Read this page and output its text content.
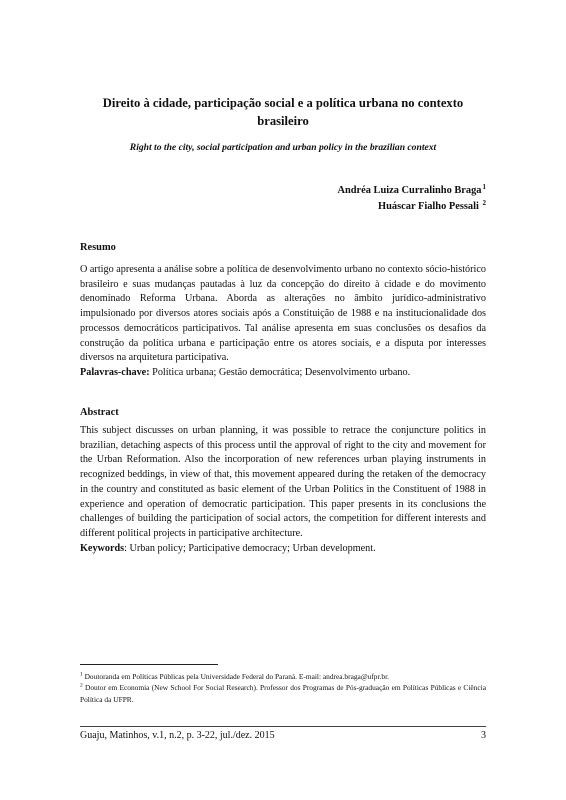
Direito à cidade, participação social e a política urbana no contexto brasileiro
Right to the city, social participation and urban policy in the brazilian context
Andréa Luiza Curralinho Braga$^1$
Huáscar Fialho Pessali $^2$
Resumo
O artigo apresenta a análise sobre a política de desenvolvimento urbano no contexto sócio-histórico brasileiro e suas mudanças pautadas à luz da concepção do direito à cidade e do movimento denominado Reforma Urbana. Aborda as alterações no âmbito jurídico-administrativo impulsionado por diversos atores sociais após a Constituição de 1988 e na institucionalidade dos processos democráticos participativos. Tal análise apresenta em suas conclusões os desafios da construção da política urbana e participação entre os atores sociais, e a disputa por interesses diversos na arquitetura participativa.
Palavras-chave: Política urbana; Gestão democrática; Desenvolvimento urbano.
Abstract
This subject discusses on urban planning, it was possible to retrace the conjuncture politics in brazilian, detaching aspects of this process until the approval of right to the city and movement for the Urban Reformation. Also the incorporation of new references urban playing instruments in recognized beddings, in view of that, this movement appeared during the retaken of the democracy in the country and constituted as basic element of the Urban Politics in the Constituent of 1988 in experience and operation of democratic participation. This paper presents in its conclusions the challenges of building the participation of social actors, the competition for different interests and different political projects in participative architecture.
Keywords: Urban policy; Participative democracy; Urban development.
$^1$ Doutoranda em Políticas Públicas pela Universidade Federal do Paraná. E-mail: andrea.braga@ufpr.br.
$^2$ Doutor em Economia (New School For Social Research). Professor dos Programas de Pós-graduação em Políticas Públicas e Ciência Política da UFPR.
Guaju, Matinhos, v.1, n.2, p. 3-22, jul./dez. 2015	3
